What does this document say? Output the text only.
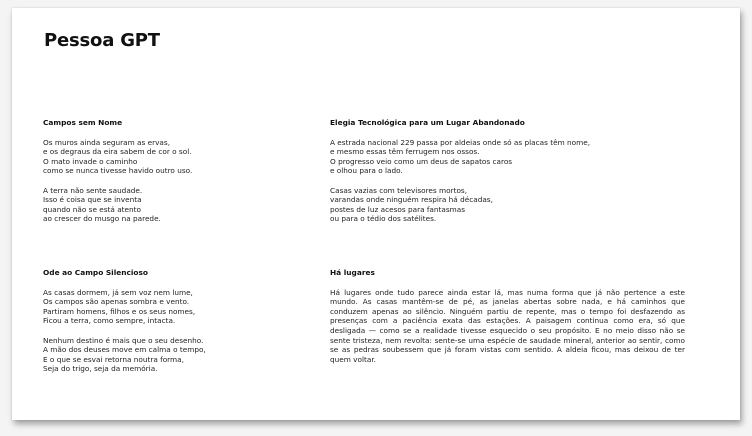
Pessoa GPT
Campos sem Nome
Os muros ainda seguram as ervas,
e os degraus da eira sabem de cor o sol.
O mato invade o caminho
como se nunca tivesse havido outro uso.
A terra não sente saudade.
Isso é coisa que se inventa
quando não se está atento
ao crescer do musgo na parede.
Elegia Tecnológica para um Lugar Abandonado
A estrada nacional 229 passa por aldeias onde só as placas têm nome,
e mesmo essas têm ferrugem nos ossos.
O progresso veio como um deus de sapatos caros
e olhou para o lado.
Casas vazias com televisores mortos,
varandas onde ninguém respira há décadas,
postes de luz acesos para fantasmas
ou para o tédio dos satélites.
Ode ao Campo Silencioso
As casas dormem, já sem voz nem lume,
Os campos são apenas sombra e vento.
Partiram homens, filhos e os seus nomes,
Ficou a terra, como sempre, intacta.
Nenhum destino é mais que o seu desenho.
A mão dos deuses move em calma o tempo,
E o que se esvai retorna noutra forma,
Seja do trigo, seja da memória.
Há lugares
Há lugares onde tudo parece ainda estar lá, mas numa forma que já não pertence a este mundo. As casas mantêm-se de pé, as janelas abertas sobre nada, e há caminhos que conduzem apenas ao silêncio. Ninguém partiu de repente, mas o tempo foi desfazendo as presenças com a paciência exata das estações. A paisagem continua como era, só que desligada — como se a realidade tivesse esquecido o seu propósito. E no meio disso não se sente tristeza, nem revolta: sente-se uma espécie de saudade mineral, anterior ao sentir, como se as pedras soubessem que já foram vistas com sentido. A aldeia ficou, mas deixou de ter quem voltar.
